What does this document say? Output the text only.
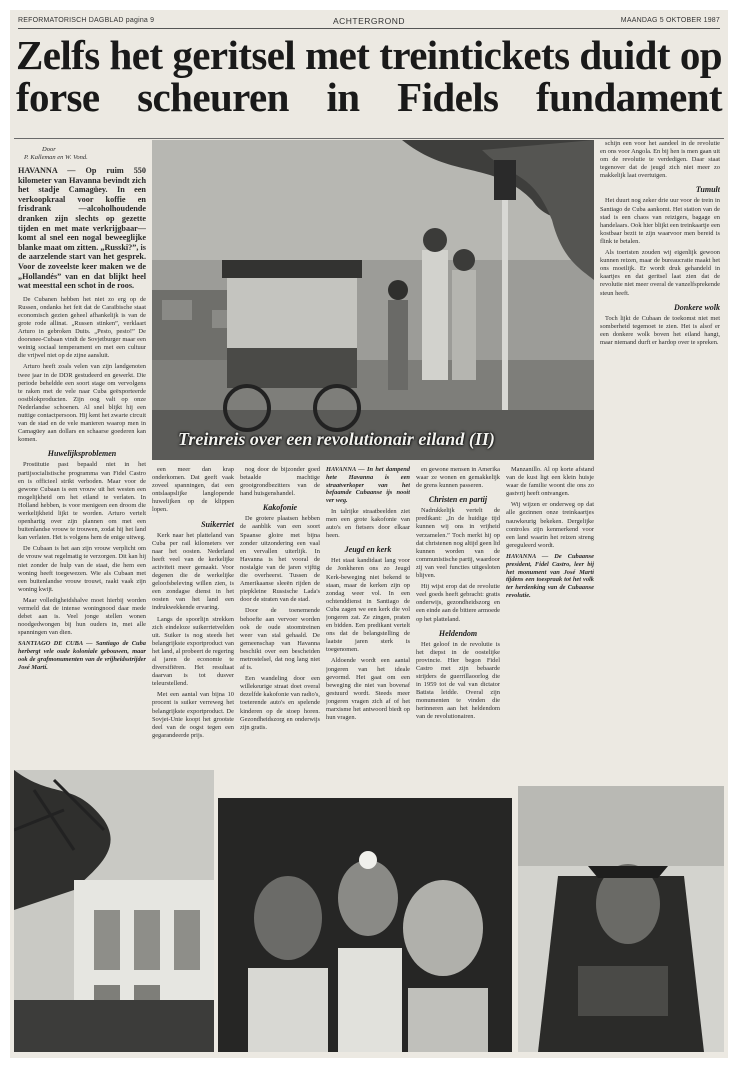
REFORMATORISCH DAGBLAD pagina 9	ACHTERGROND	MAANDAG 5 OKTOBER 1987
Zelfs het geritsel met treintickets duidt op forse scheuren in Fidels fundament
Door
P. Kalleman en W. Vond.

HAVANNA — Op ruim 550 kilometer van Havanna bevindt zich het stadje Camagüey. In een verkoopkraal voor koffie en frisdrank —alcoholhoudende dranken zijn slechts op gezette tijden en met mate verkrijgbaar— komt al snel een nogal beweeglijke blanke maat om zitten. „Russki?”, is de aarzelende start van het gesprek. Voor de zoveelste keer maken we de „Hollandés” van en dat blijkt heel wat meesttal een schot in de roos.

De Cubanen hebben het niet zo erg op de Russen, ondanks het feit dat de Caraïbische staat economisch gezien geheel afhankelijk is van de grote rode allinat. „Russen stinken”, verklaart Arturo in gebroken Duits. „Pesto, pesto!” De doorsnee-Cubaan vindt de Sovjetburger maar een weinig sociaal temperament en met een cultuur die vrijwel niet op de zijne aansluit.

Arturo heeft zoals velen van zijn landgenoten twee jaar in de DDR gestudeerd en gewerkt. Die periode beheldde een soort stage om vervolgens te raken met de vele naar Cuba geëxporteerde oostblokproducten. Zijn oog valt op onze Nederlandse schoenen. Al snel blijkt hij een nuttige contactpersoon. Hij kent het zwarte circuit van de stad en de vele manieren waarop men in Camagüey aan dollars en schaarse goederen kan komen.

Huwelijksproblemen

Prostitutie past bepaald niet in het partijsocialistische programma van Fidel Castro en is officieel strikt verboden. Maar voor de gewone Cubaan is een vrouw uit het westen een mogelijkheid om het eiland te verlaten. In Holland hebben, is voor menigeen een droom die werkelijkheid lijkt te worden. Arturo vertelt openhartig over zijn plannen om met een buitenlandse vrouw te trouwen, zodat hij het land kan verlaten. Het is volgens hem de enige uitweg.

De Cubaan is het aan zijn vrouw verplicht om de vrouw wat regelmatig te verzorgen. Dit kan hij niet zonder de hulp van de staat, die hem een woning heeft toegewezen. Wie als Cubaan met een buitenlandse vrouw trouwt, raakt vaak zijn woning kwijt.

Maar volledigheidshalve moet hierbij worden vermeld dat de intense woningnood daar mede debet aan is. Veel jonge stellen wonen noodgedwongen bij hun ouders in, met alle spanningen van dien.

SANTIAGO DE CUBA — Santiago de Cuba herbergt vele oude koloniale gebouwen, maar ook de grafmonumenten van de vrijheidsstrijder José Martí.

Treinreis over een revolutionair eiland (II)

een meer dan krap onderkomen. Dat geeft vaak zoveel spanningen, dat een ontslaapslijke langlopende huwelijken op de klippen lopen.

Suikerriet

Kerk naar het platteland van Cuba per rail kilometers ver naar het oosten. Nederland heeft veel van de kerkelijke activiteit meer gemaakt. Voor degenen die de werkelijke geloofsbeleving willen zien, is een zondagse dienst in het oosten van het land een indrukwekkende ervaring.

Langs de spoorlijn strekken zich eindeloze suikerrietvelden uit. Suiker is nog steeds het belangrijkste exportproduct van het land, al probeert de regering al jaren de economie te diversifiëren. Het resultaat daarvan is tot dusver teleurstellend.

Met een aantal van bijna 10 procent is suiker verreweg het belangrijkste exportproduct. De Sovjet-Unie koopt het grootste deel van de oogst tegen een gegarandeerde prijs.

nog door de bijzonder goed betaalde machtige grootgrondbezitters van de hand huisgenshandel.

Kakofonie

De grotere plaatsen hebben de aanblik van een soort Spaanse gloire met bijna zonder uitzondering een vaal en vervallen uiterlijk. In Havanna is het vooral de nostalgie van de jaren vijftig die overheerst. Tussen de Amerikaanse sleeën rijden de piepkleine Russische Lada's door de straten van de stad.

Door de toenemende behoefte aan vervoer worden ook de oude stoomtreinen weer van stal gehaald. De gemeenschap van Havanna beschikt over een bescheiden metrostelsel, dat nog lang niet af is.

Een wandeling door een willekeurige straat doet overal dezelfde kakofonie van radio's, toeterende auto's en spelende kinderen op de stoep horen. Gezondheidszorg en onderwijs zijn gratis.

HAVANNA — In het dampend hete Havanna is een straatverkoper van het befaamde Cubaanse ijs nooit ver weg.

In talrijke straatbeelden ziet men een grote kakofonie van auto's en fietsers door elkaar heen.

Jeugd en kerk

Het staat kandidaat lang voor de Jonkheren ons zo Jeugd Kerk-beweging niet bekend te staan, maar de kerken zijn op zondag weer vol. In een ochtenddienst in Santiago de Cuba zagen we een kerk die vol jongeren zat. Ze zingen, praten en bidden. Een predikant vertelt ons dat de belangstelling de laatste jaren sterk is toegenomen.

Aldoende wordt een aantal jongeren van het ideale gevormd. Het gaat om een beweging die niet van bovenaf gestuurd wordt. Steeds meer jongeren vragen zich af of het marxisme het antwoord biedt op hun vragen.

en gewone mensen in Amerika waar ze wonen en gemakkelijk de grens kunnen passeren.

Christen en partij

Nadrukkelijk vertelt de predikant: „In de huidige tijd kunnen wij ons in vrijheid verzamelen.” Toch merkt hij op dat christenen nog altijd geen lid kunnen worden van de communistische partij, waardoor zij van veel functies uitgesloten blijven.

Hij wijst erop dat de revolutie veel goeds heeft gebracht: gratis onderwijs, gezondheidszorg en een einde aan de bittere armoede op het platteland.

Heldendom

Het geloof in de revolutie is het diepst in de oostelijke provincie. Hier begon Fidel Castro met zijn bebaarde strijders de guerrillaoorlog die in 1959 tot de val van dictator Batista leidde. Overal zijn monumenten te vinden die herinneren aan het heldendom van de revolutionairen.

Manzanillo. Al op korte afstand van de kust ligt een klein huisje waar de familie woont die ons zo gastvrij heeft ontvangen.

Wij wijzen er onderweg op dat alle gezinnen onze treinkaartjes nauwkeurig bekeken. Dergelijke controles zijn kenmerkend voor een land waarin het reizen streng gereguleerd wordt.

HAVANNA — De Cubaanse president, Fidel Castro, leer bij het monument van José Martí tijdens een toespraak tot het volk ter herdenking van de Cubaanse revolutie.

schijn een voor het aandeel in de revolutie en ons voor Angola. En bij hen is men gaan uit om de revolutie te verdedigen. Daar staat tegenover dat de jeugd zich niet meer zo makkelijk laat overtuigen.

Tumult

Het duurt nog zeker drie uur voor de trein in Santiago de Cuba aankomt. Het station van de stad is een chaos van reizigers, bagage en handelaars. Ook hier blijkt een treinkaartje een kostbaar bezit te zijn waarvoor men bereid is flink te betalen.

Als toeristen zouden wij eigenlijk gewoon kunnen reizen, maar de bureaucratie maakt het ons moeilijk. Er wordt druk gehandeld in kaartjes en dat geritsel laat zien dat de revolutie niet meer overal de vanzelfsprekende steun heeft.

Donkere wolk

Toch lijkt de Cubaan de toekomst niet met somberheid tegemoet te zien. Het is alsof er een donkere wolk boven het eiland hangt, maar niemand durft er hardop over te spreken.
